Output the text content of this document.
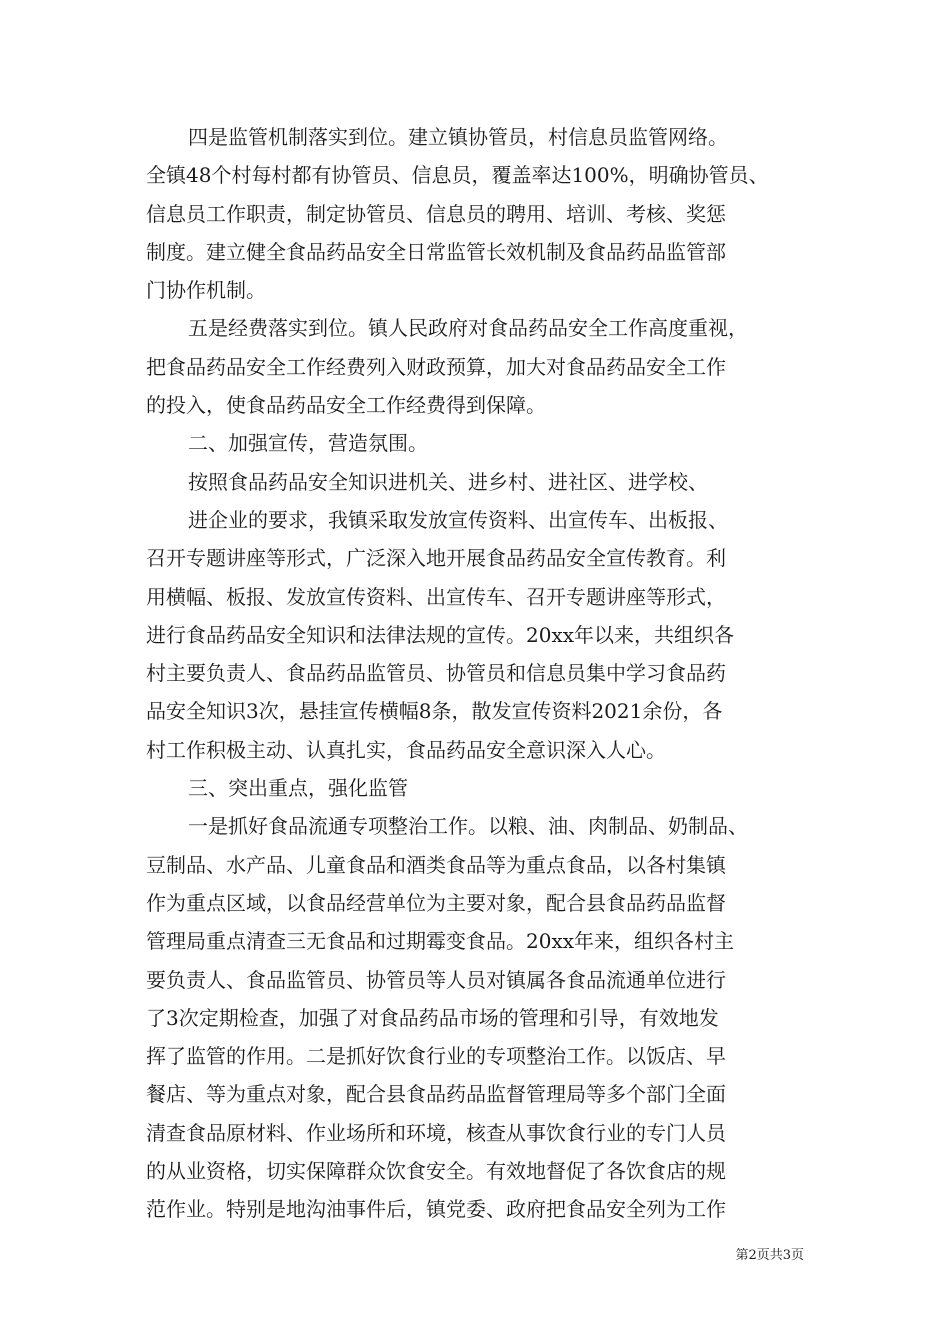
四是监管机制落实到位。建立镇协管员，村信息员监管网络。
全镇48个村每村都有协管员、信息员，覆盖率达100%，明确协管员、
信息员工作职责，制定协管员、信息员的聘用、培训、考核、奖惩
制度。建立健全食品药品安全日常监管长效机制及食品药品监管部
门协作机制。
五是经费落实到位。镇人民政府对食品药品安全工作高度重视，
把食品药品安全工作经费列入财政预算，加大对食品药品安全工作
的投入，使食品药品安全工作经费得到保障。
二、加强宣传，营造氛围。
按照食品药品安全知识进机关、进乡村、进社区、进学校、
进企业的要求，我镇采取发放宣传资料、出宣传车、出板报、
召开专题讲座等形式，广泛深入地开展食品药品安全宣传教育。利
用横幅、板报、发放宣传资料、出宣传车、召开专题讲座等形式，
进行食品药品安全知识和法律法规的宣传。20xx年以来，共组织各
村主要负责人、食品药品监管员、协管员和信息员集中学习食品药
品安全知识3次，悬挂宣传横幅8条，散发宣传资料2021余份，各
村工作积极主动、认真扎实，食品药品安全意识深入人心。
三、突出重点，强化监管
一是抓好食品流通专项整治工作。以粮、油、肉制品、奶制品、
豆制品、水产品、儿童食品和酒类食品等为重点食品，以各村集镇
作为重点区域，以食品经营单位为主要对象，配合县食品药品监督
管理局重点清查三无食品和过期霉变食品。20xx年来，组织各村主
要负责人、食品监管员、协管员等人员对镇属各食品流通单位进行
了3次定期检查，加强了对食品药品市场的管理和引导，有效地发
挥了监管的作用。二是抓好饮食行业的专项整治工作。以饭店、早
餐店、等为重点对象，配合县食品药品监督管理局等多个部门全面
清查食品原材料、作业场所和环境，核查从事饮食行业的专门人员
的从业资格，切实保障群众饮食安全。有效地督促了各饮食店的规
范作业。特别是地沟油事件后，镇党委、政府把食品安全列为工作
第2页共3页
